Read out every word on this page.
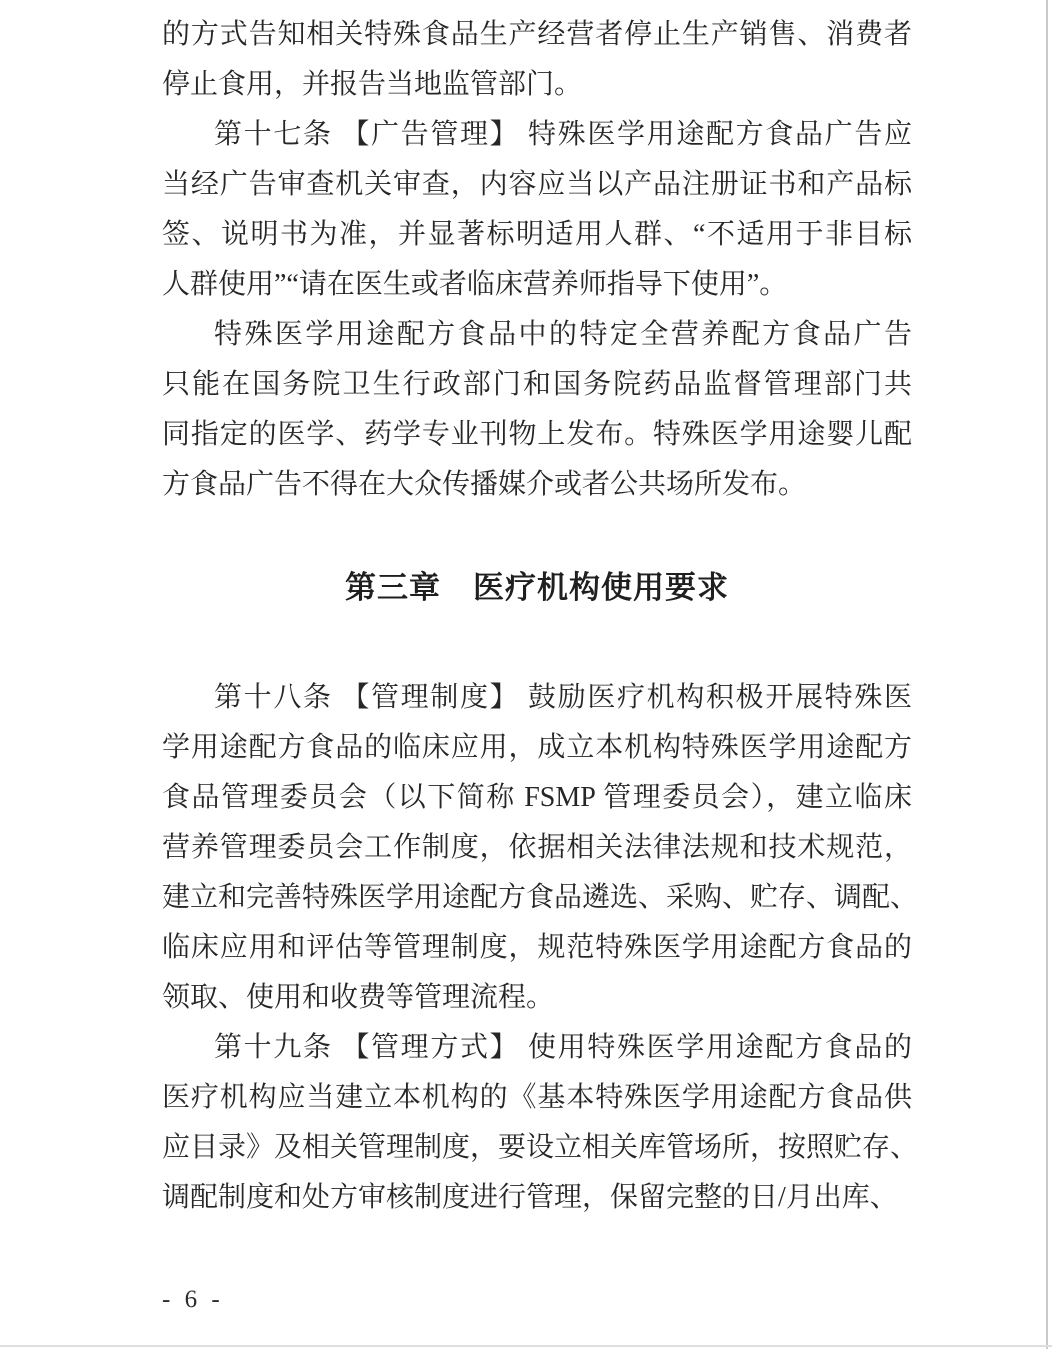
的方式告知相关特殊食品生产经营者停止生产销售、消费者
停止食用，并报告当地监管部门。

第十七条 【广告管理】 特殊医学用途配方食品广告应
当经广告审查机关审查，内容应当以产品注册证书和产品标
签、说明书为准，并显著标明适用人群、“不适用于非目标
人群使用”“请在医生或者临床营养师指导下使用”。

特殊医学用途配方食品中的特定全营养配方食品广告
只能在国务院卫生行政部门和国务院药品监督管理部门共
同指定的医学、药学专业刊物上发布。特殊医学用途婴儿配
方食品广告不得在大众传播媒介或者公共场所发布。

第三章　医疗机构使用要求

第十八条 【管理制度】 鼓励医疗机构积极开展特殊医
学用途配方食品的临床应用，成立本机构特殊医学用途配方
食品管理委员会（以下简称 FSMP 管理委员会），建立临床
营养管理委员会工作制度，依据相关法律法规和技术规范，
建立和完善特殊医学用途配方食品遴选、采购、贮存、调配、
临床应用和评估等管理制度，规范特殊医学用途配方食品的
领取、使用和收费等管理流程。

第十九条 【管理方式】 使用特殊医学用途配方食品的
医疗机构应当建立本机构的《基本特殊医学用途配方食品供
应目录》及相关管理制度，要设立相关库管场所，按照贮存、
调配制度和处方审核制度进行管理，保留完整的日/月出库、

- 6 -
